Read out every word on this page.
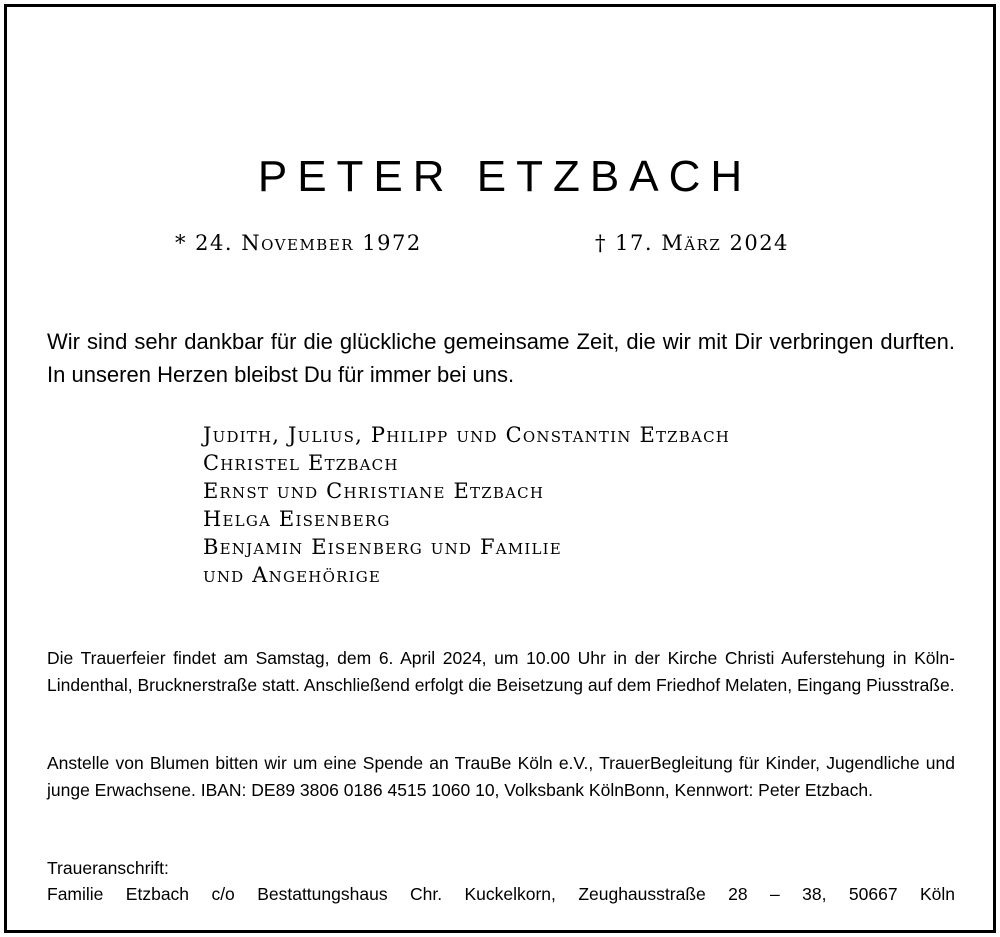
PETER ETZBACH
* 24. November 1972	† 17. März 2024
Wir sind sehr dankbar für die glückliche gemeinsame Zeit, die wir mit Dir verbringen durften. In unseren Herzen bleibst Du für immer bei uns.
Judith, Julius, Philipp und Constantin Etzbach
Christel Etzbach
Ernst und Christiane Etzbach
Helga Eisenberg
Benjamin Eisenberg und Familie
und Angehörige
Die Trauerfeier findet am Samstag, dem 6. April 2024, um 10.00 Uhr in der Kirche Christi Auferstehung in Köln-Lindenthal, Brucknerstraße statt. Anschließend erfolgt die Beisetzung auf dem Friedhof Melaten, Eingang Piusstraße.
Anstelle von Blumen bitten wir um eine Spende an TrauBe Köln e.V., TrauerBegleitung für Kinder, Jugendliche und junge Erwachsene. IBAN: DE89 3806 0186 4515 1060 10, Volksbank KölnBonn, Kennwort: Peter Etzbach.
Traueranschrift:
Familie Etzbach c/o Bestattungshaus Chr. Kuckelkorn, Zeughausstraße 28 – 38, 50667 Köln
